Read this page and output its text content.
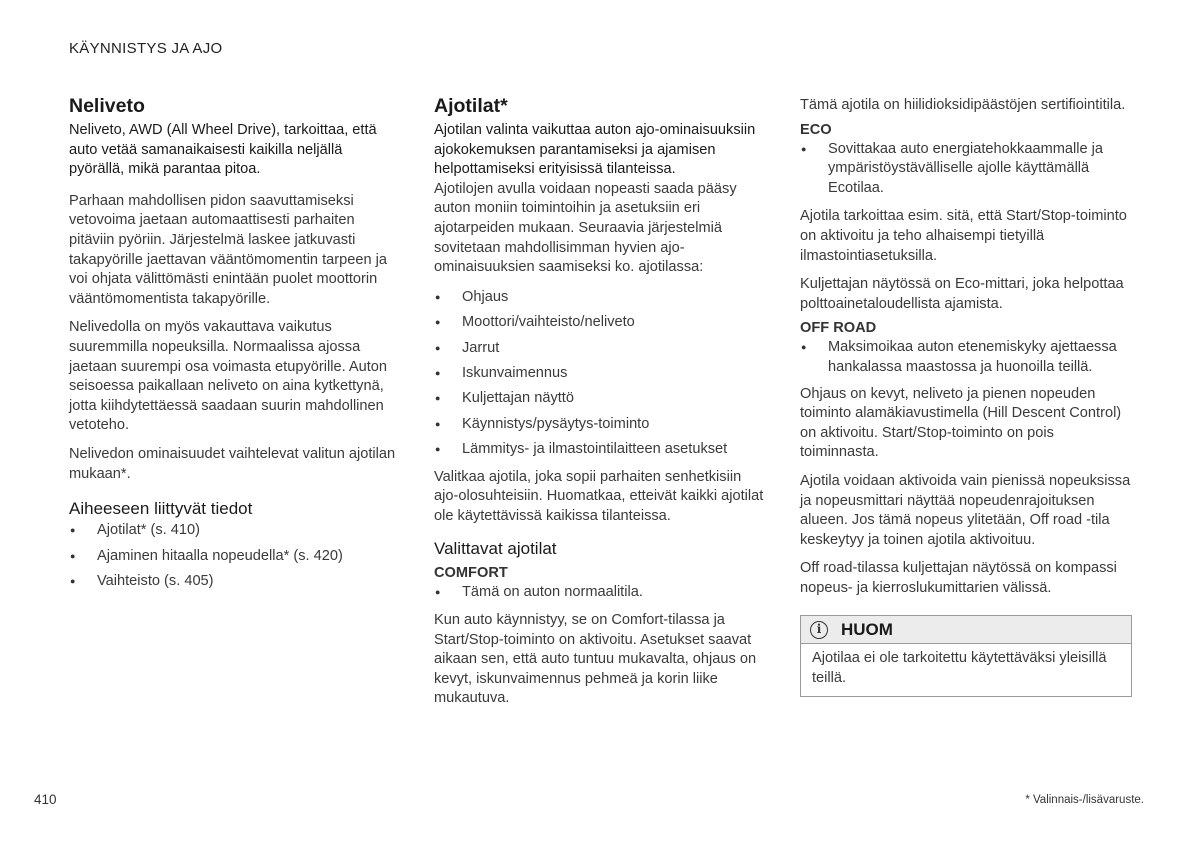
KÄYNNISTYS JA AJO
Neliveto

Neliveto, AWD (All Wheel Drive), tarkoittaa, että auto vetää samanaikaisesti kaikilla neljällä pyörällä, mikä parantaa pitoa.

Parhaan mahdollisen pidon saavuttamiseksi vetovoima jaetaan automaattisesti parhaiten pitäviin pyöriin. Järjestelmä laskee jatkuvasti takapyörille jaettavan vääntömomentin tarpeen ja voi ohjata välittömästi enintään puolet moottorin vääntömomentista takapyörille.

Nelivedolla on myös vakauttava vaikutus suuremmilla nopeuksilla. Normaalissa ajossa jaetaan suurempi osa voimasta etupyörille. Auton seisoessa paikallaan neliveto on aina kytkettynä, jotta kiihdytettäessä saadaan suurin mahdollinen vetoteho.

Nelivedon ominaisuudet vaihtelevat valitun ajotilan mukaan*.

Aiheeseen liittyvät tiedot
● Ajotilat* (s. 410)
● Ajaminen hitaalla nopeudella* (s. 420)
● Vaihteisto (s. 405)
Ajotilat*

Ajotilan valinta vaikuttaa auton ajo-ominaisuuksiin ajokokemuksen parantamiseksi ja ajamisen helpottamiseksi erityisissä tilanteissa.

Ajotilojen avulla voidaan nopeasti saada pääsy auton moniin toimintoihin ja asetuksiin eri ajotarpeiden mukaan. Seuraavia järjestelmiä sovitetaan mahdollisimman hyvien ajo-ominaisuuksien saamiseksi ko. ajotilassa:

● Ohjaus
● Moottori/vaihteisto/neliveto
● Jarrut
● Iskunvaimennus
● Kuljettajan näyttö
● Käynnistys/pysäytys-toiminto
● Lämmitys- ja ilmastointilaitteen asetukset

Valitkaa ajotila, joka sopii parhaiten senhetkisiin ajo-olosuhteisiin. Huomatkaa, etteivät kaikki ajotilat ole käytettävissä kaikissa tilanteissa.

Valittavat ajotilat
COMFORT
● Tämä on auton normaalitila.

Kun auto käynnistyy, se on Comfort-tilassa ja Start/Stop-toiminto on aktivoitu. Asetukset saavat aikaan sen, että auto tuntuu mukavalta, ohjaus on kevyt, iskunvaimennus pehmeä ja korin liike mukautuva.

Tämä ajotila on hiilidioksidipäästöjen sertifiointitila.

ECO
● Sovittakaa auto energiatehokkaammalle ja ympäristöystävälliselle ajolle käyttämällä Ecotilaa.

Ajotila tarkoittaa esim. sitä, että Start/Stop-toiminto on aktivoitu ja teho alhaisempi tietyillä ilmastointiasetuksilla.

Kuljettajan näytössä on Eco-mittari, joka helpottaa polttoainetaloudellista ajamista.

OFF ROAD
● Maksimoikaa auton etenemiskyky ajettaessa hankalassa maastossa ja huonoilla teillä.

Ohjaus on kevyt, neliveto ja pienen nopeuden toiminto alamäkiavustimella (Hill Descent Control) on aktivoitu. Start/Stop-toiminto on pois toiminnasta.

Ajotila voidaan aktivoida vain pienissä nopeuksissa ja nopeusmittari näyttää nopeudenrajoituksen alueen. Jos tämä nopeus ylitetään, Off road -tila keskeytyy ja toinen ajotila aktivoituu.

Off road-tilassa kuljettajan näytössä on kompassi nopeus- ja kierroslukumittarien välissä.

i	HUOM
Ajotilaa ei ole tarkoitettu käytettäväksi yleisillä teillä.
410	* Valinnais-/lisävaruste.
